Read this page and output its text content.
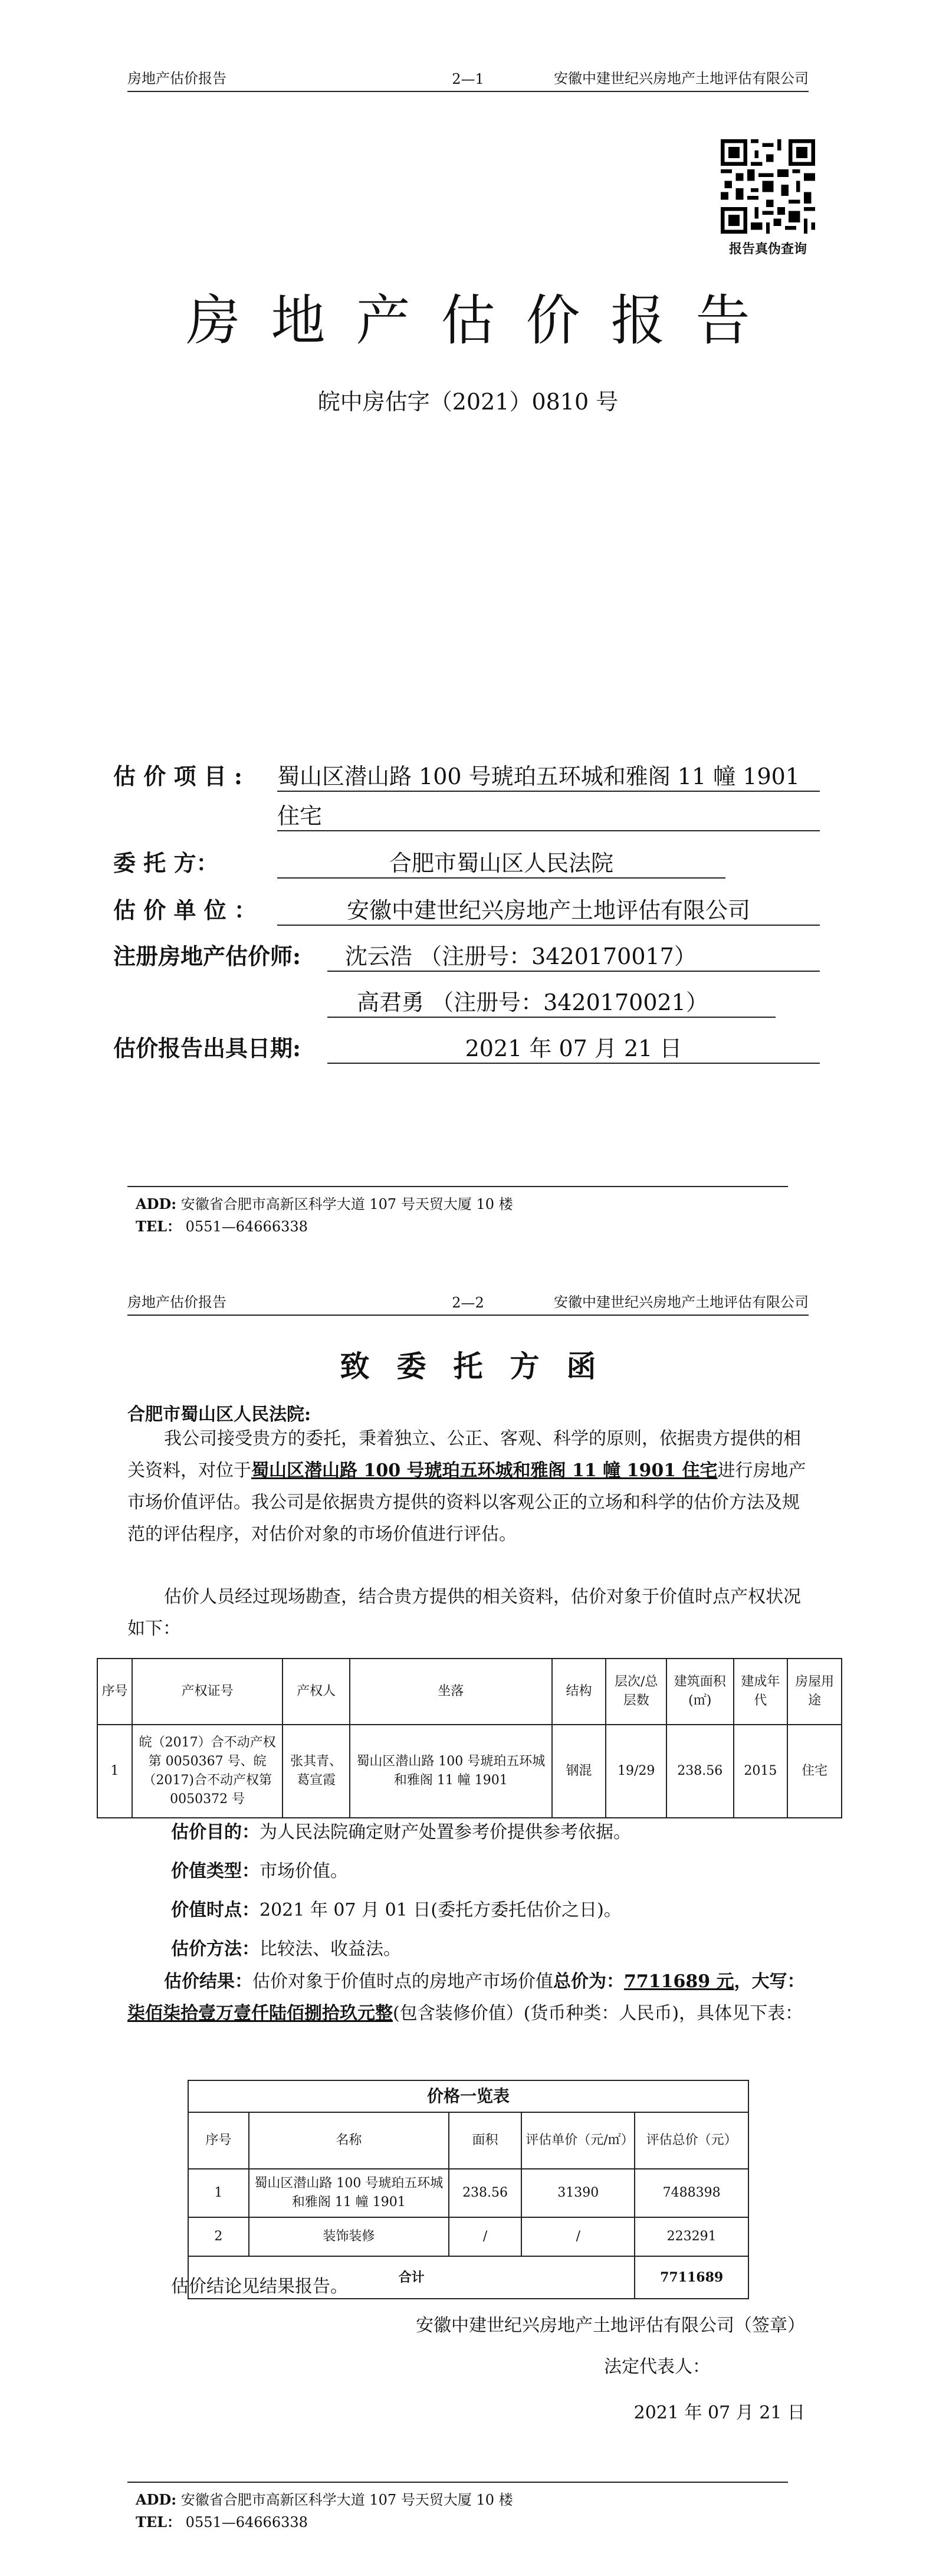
房地产估价报告	2—1	安徽中建世纪兴房地产土地评估有限公司
报告真伪查询
房地产估价报告
皖中房估字（2021）0810 号
估 价 项 目 : 蜀山区潜山路 100 号琥珀五环城和雅阁 11 幢 1901
住宅
委 托 方：	合肥市蜀山区人民法院
估 价 单 位 ：	安徽中建世纪兴房地产土地评估有限公司
注册房地产估价师:	沈云浩 （注册号：3420170017）
高君勇 （注册号：3420170021）
估价报告出具日期:	2021 年 07 月 21 日
ADD: 安徽省合肥市高新区科学大道 107 号天贸大厦 10 楼
TEL： 0551—64666338
房地产估价报告	2—2	安徽中建世纪兴房地产土地评估有限公司
致委托方函
合肥市蜀山区人民法院:
我公司接受贵方的委托，秉着独立、公正、客观、科学的原则，依据贵方提供的相关资料，对位于蜀山区潜山路 100 号琥珀五环城和雅阁 11 幢 1901 住宅进行房地产市场价值评估。我公司是依据贵方提供的资料以客观公正的立场和科学的估价方法及规范的评估程序，对估价对象的市场价值进行评估。
估价人员经过现场勘查，结合贵方提供的相关资料，估价对象于价值时点产权状况如下：
序号	产权证号	产权人	坐落	结构	层次/总层数	建筑面积(㎡)	建成年代	房屋用途
1	皖（2017）合不动产权第 0050367 号、皖（2017)合不动产权第 0050372 号	张其青、葛宣霞	蜀山区潜山路 100 号琥珀五环城和雅阁 11 幢 1901	钢混	19/29	238.56	2015	住宅
估价目的：为人民法院确定财产处置参考价提供参考依据。
价值类型：市场价值。
价值时点：2021 年 07 月 01 日(委托方委托估价之日)。
估价方法：比较法、收益法。
估价结果：估价对象于价值时点的房地产市场价值总价为：7711689 元，大写：柒佰柒拾壹万壹仟陆佰捌拾玖元整(包含装修价值）(货币种类：人民币)，具体见下表：
价格一览表				
序号	名称	面积	评估单价（元/㎡）	评估总价（元）
1	蜀山区潜山路 100 号琥珀五环城和雅阁 11 幢 1901	238.56	31390	7488398
2	装饰装修	/	/	223291
合计				7711689
估价结论见结果报告。
安徽中建世纪兴房地产土地评估有限公司（签章）
法定代表人：
2021 年 07 月 21 日
ADD: 安徽省合肥市高新区科学大道 107 号天贸大厦 10 楼
TEL： 0551—64666338
